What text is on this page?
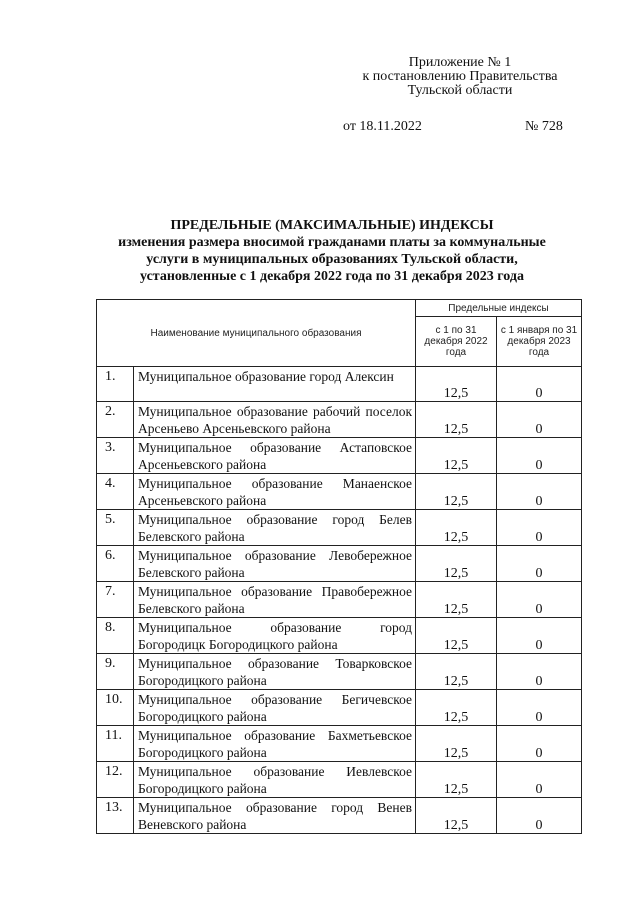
Приложение № 1
к постановлению Правительства
Тульской области
от 18.11.2022	№ 728
ПРЕДЕЛЬНЫЕ (МАКСИМАЛЬНЫЕ) ИНДЕКСЫ
изменения размера вносимой гражданами платы за коммунальные
услуги в муниципальных образованиях Тульской области,
установленные с 1 декабря 2022 года по 31 декабря 2023 года
Наименование муниципального образования		Предельные индексы	
		с 1 по 31 декабря 2022 года	с 1 января по 31 декабря 2023 года
1.	Муниципальное образование город Алексин	12,5	0
2.	Муниципальное образование рабочий поселок Арсеньево Арсеньевского района	12,5	0
3.	Муниципальное образование Астаповское Арсеньевского района	12,5	0
4.	Муниципальное образование Манаенское Арсеньевского района	12,5	0
5.	Муниципальное образование город Белев Белевского района	12,5	0
6.	Муниципальное образование Левобережное Белевского района	12,5	0
7.	Муниципальное образование Правобережное Белевского района	12,5	0
8.	Муниципальное образование город Богородицк Богородицкого района	12,5	0
9.	Муниципальное образование Товарковское Богородицкого района	12,5	0
10.	Муниципальное образование Бегичевское Богородицкого района	12,5	0
11.	Муниципальное образование Бахметьевское Богородицкого района	12,5	0
12.	Муниципальное образование Иевлевское Богородицкого района	12,5	0
13.	Муниципальное образование город Венев Веневского района	12,5	0
